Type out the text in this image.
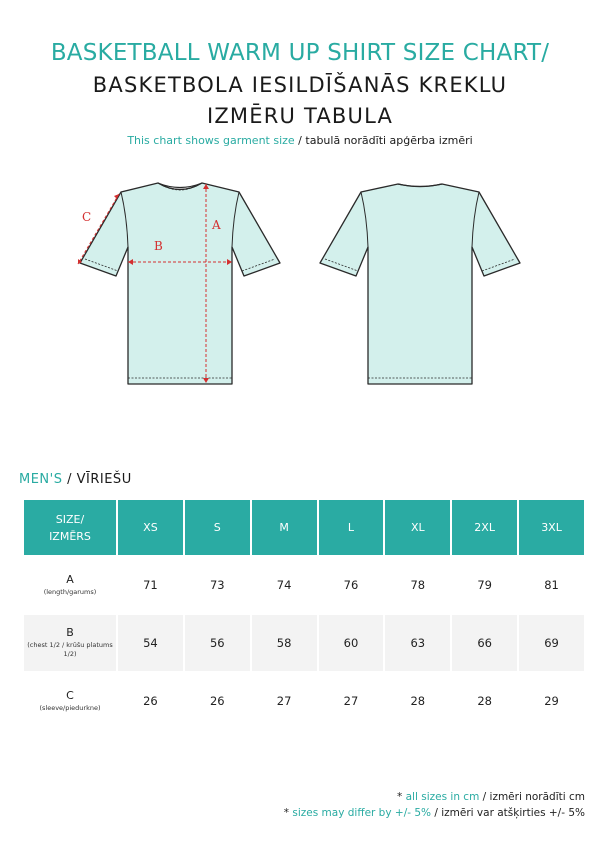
BASKETBALL WARM UP SHIRT SIZE CHART/
BASKETBOLA IESILDĪŠANĀS KREKLU
IZMĒRU TABULA
This chart shows garment size / tabulā norādīti apģērba izmēri
A
B
C
MEN'S / VĪRIEŠU
SIZE/
IZMĒRS	XS	S	M	L	XL	2XL	3XL
A
(length/garums)	71	73	74	76	78	79	81
B
(chest 1/2 / krūšu platums 1/2)	54	56	58	60	63	66	69
C
(sleeve/piedurkne)	26	26	27	27	28	28	29
* all sizes in cm / izmēri norādīti cm
* sizes may differ by +/- 5% / izmēri var atšķirties +/- 5%
